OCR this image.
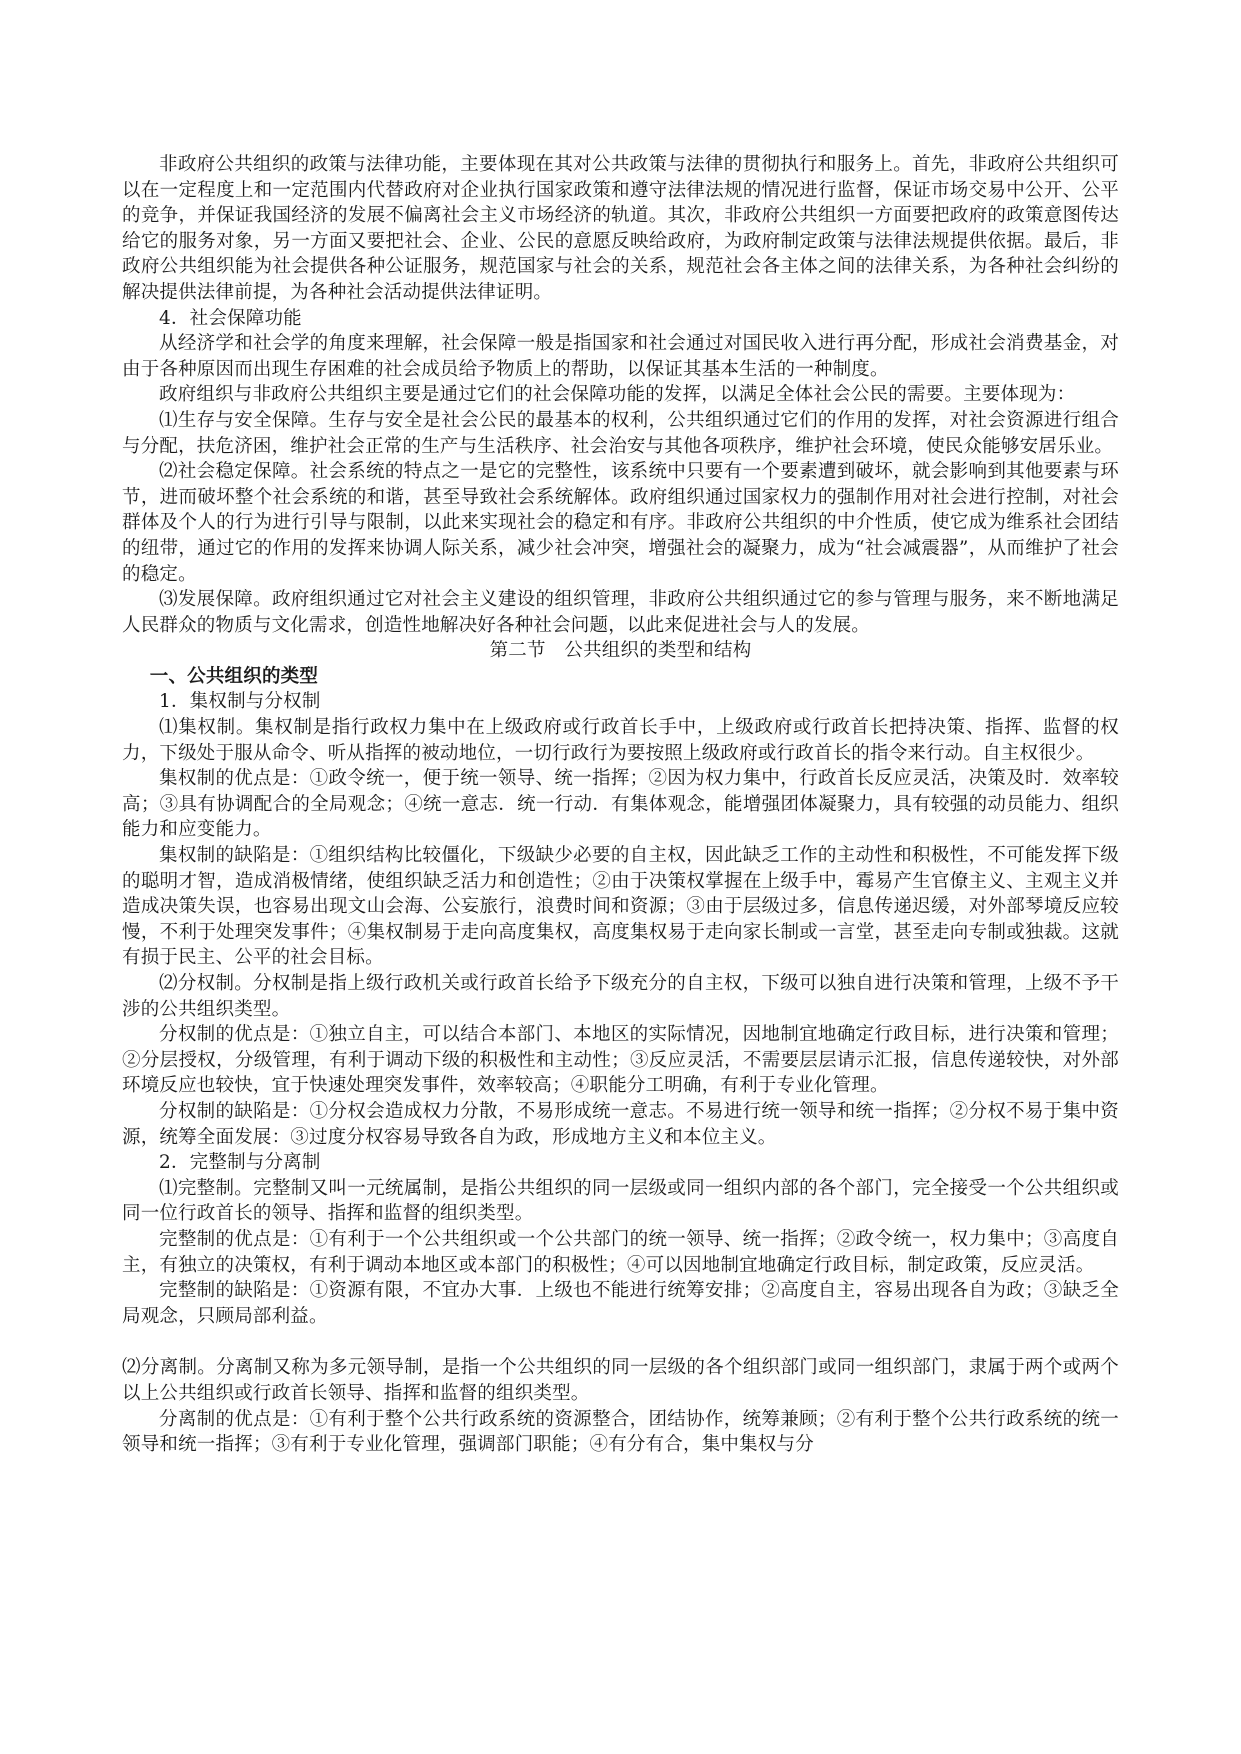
非政府公共组织的政策与法律功能，主要体现在其对公共政策与法律的贯彻执行和服务上。首先，非政府公共组织可以在一定程度上和一定范围内代替政府对企业执行国家政策和遵守法律法规的情况进行监督，保证市场交易中公开、公平的竞争，并保证我国经济的发展不偏离社会主义市场经济的轨道。其次，非政府公共组织一方面要把政府的政策意图传达给它的服务对象，另一方面又要把社会、企业、公民的意愿反映给政府，为政府制定政策与法律法规提供依据。最后，非政府公共组织能为社会提供各种公证服务，规范国家与社会的关系，规范社会各主体之间的法律关系，为各种社会纠纷的解决提供法律前提，为各种社会活动提供法律证明。

4．社会保障功能

从经济学和社会学的角度来理解，社会保障一般是指国家和社会通过对国民收入进行再分配，形成社会消费基金，对由于各种原因而出现生存困难的社会成员给予物质上的帮助，以保证其基本生活的一种制度。

政府组织与非政府公共组织主要是通过它们的社会保障功能的发挥，以满足全体社会公民的需要。主要体现为：

⑴生存与安全保障。生存与安全是社会公民的最基本的权利，公共组织通过它们的作用的发挥，对社会资源进行组合与分配，扶危济困，维护社会正常的生产与生活秩序、社会治安与其他各项秩序，维护社会环境，使民众能够安居乐业。

⑵社会稳定保障。社会系统的特点之一是它的完整性，该系统中只要有一个要素遭到破坏，就会影响到其他要素与环节，进而破坏整个社会系统的和谐，甚至导致社会系统解体。政府组织通过国家权力的强制作用对社会进行控制，对社会群体及个人的行为进行引导与限制，以此来实现社会的稳定和有序。非政府公共组织的中介性质，使它成为维系社会团结的纽带，通过它的作用的发挥来协调人际关系，减少社会冲突，增强社会的凝聚力，成为“社会减震器”，从而维护了社会的稳定。

⑶发展保障。政府组织通过它对社会主义建设的组织管理，非政府公共组织通过它的参与管理与服务，来不断地满足人民群众的物质与文化需求，创造性地解决好各种社会问题，以此来促进社会与人的发展。

第二节　公共组织的类型和结构

一、公共组织的类型

1．集权制与分权制

⑴集权制。集权制是指行政权力集中在上级政府或行政首长手中，上级政府或行政首长把持决策、指挥、监督的权力，下级处于服从命令、听从指挥的被动地位，一切行政行为要按照上级政府或行政首长的指令来行动。自主权很少。

集权制的优点是：①政令统一，便于统一领导、统一指挥；②因为权力集中，行政首长反应灵活，决策及时．效率较高；③具有协调配合的全局观念；④统一意志．统一行动．有集体观念，能增强团体凝聚力，具有较强的动员能力、组织能力和应变能力。

集权制的缺陷是：①组织结构比较僵化，下级缺少必要的自主权，因此缺乏工作的主动性和积极性，不可能发挥下级的聪明才智，造成消极情绪，使组织缺乏活力和创造性；②由于决策权掌握在上级手中，霉易产生官僚主义、主观主义并造成决策失误，也容易出现文山会海、公妄旅行，浪费时间和资源；③由于层级过多，信息传递迟缓，对外部琴境反应较慢，不利于处理突发事件；④集权制易于走向高度集权，高度集权易于走向家长制或一言堂，甚至走向专制或独裁。这就有损于民主、公平的社会目标。

⑵分权制。分权制是指上级行政机关或行政首长给予下级充分的自主权，下级可以独自进行决策和管理，上级不予干涉的公共组织类型。

分权制的优点是：①独立自主，可以结合本部门、本地区的实际情况，因地制宜地确定行政目标，进行决策和管理；②分层授权，分级管理，有利于调动下级的积极性和主动性；③反应灵活，不需要层层请示汇报，信息传递较快，对外部环境反应也较快，宜于快速处理突发事件，效率较高；④职能分工明确，有利于专业化管理。

分权制的缺陷是：①分权会造成权力分散，不易形成统一意志。不易进行统一领导和统一指挥；②分权不易于集中资源，统筹全面发展：③过度分权容易导致各自为政，形成地方主义和本位主义。

2．完整制与分离制

⑴完整制。完整制又叫一元统属制，是指公共组织的同一层级或同一组织内部的各个部门，完全接受一个公共组织或同一位行政首长的领导、指挥和监督的组织类型。

完整制的优点是：①有利于一个公共组织或一个公共部门的统一领导、统一指挥；②政令统一，权力集中；③高度自主，有独立的决策权，有利于调动本地区或本部门的积极性；④可以因地制宜地确定行政目标，制定政策，反应灵活。

完整制的缺陷是：①资源有限，不宜办大事．上级也不能进行统筹安排；②高度自主，容易出现各自为政；③缺乏全局观念，只顾局部利益。

⑵分离制。分离制又称为多元领导制，是指一个公共组织的同一层级的各个组织部门或同一组织部门，隶属于两个或两个以上公共组织或行政首长领导、指挥和监督的组织类型。

分离制的优点是：①有利于整个公共行政系统的资源整合，团结协作，统筹兼顾；②有利于整个公共行政系统的统一领导和统一指挥；③有利于专业化管理，强调部门职能；④有分有合，集中集权与分
